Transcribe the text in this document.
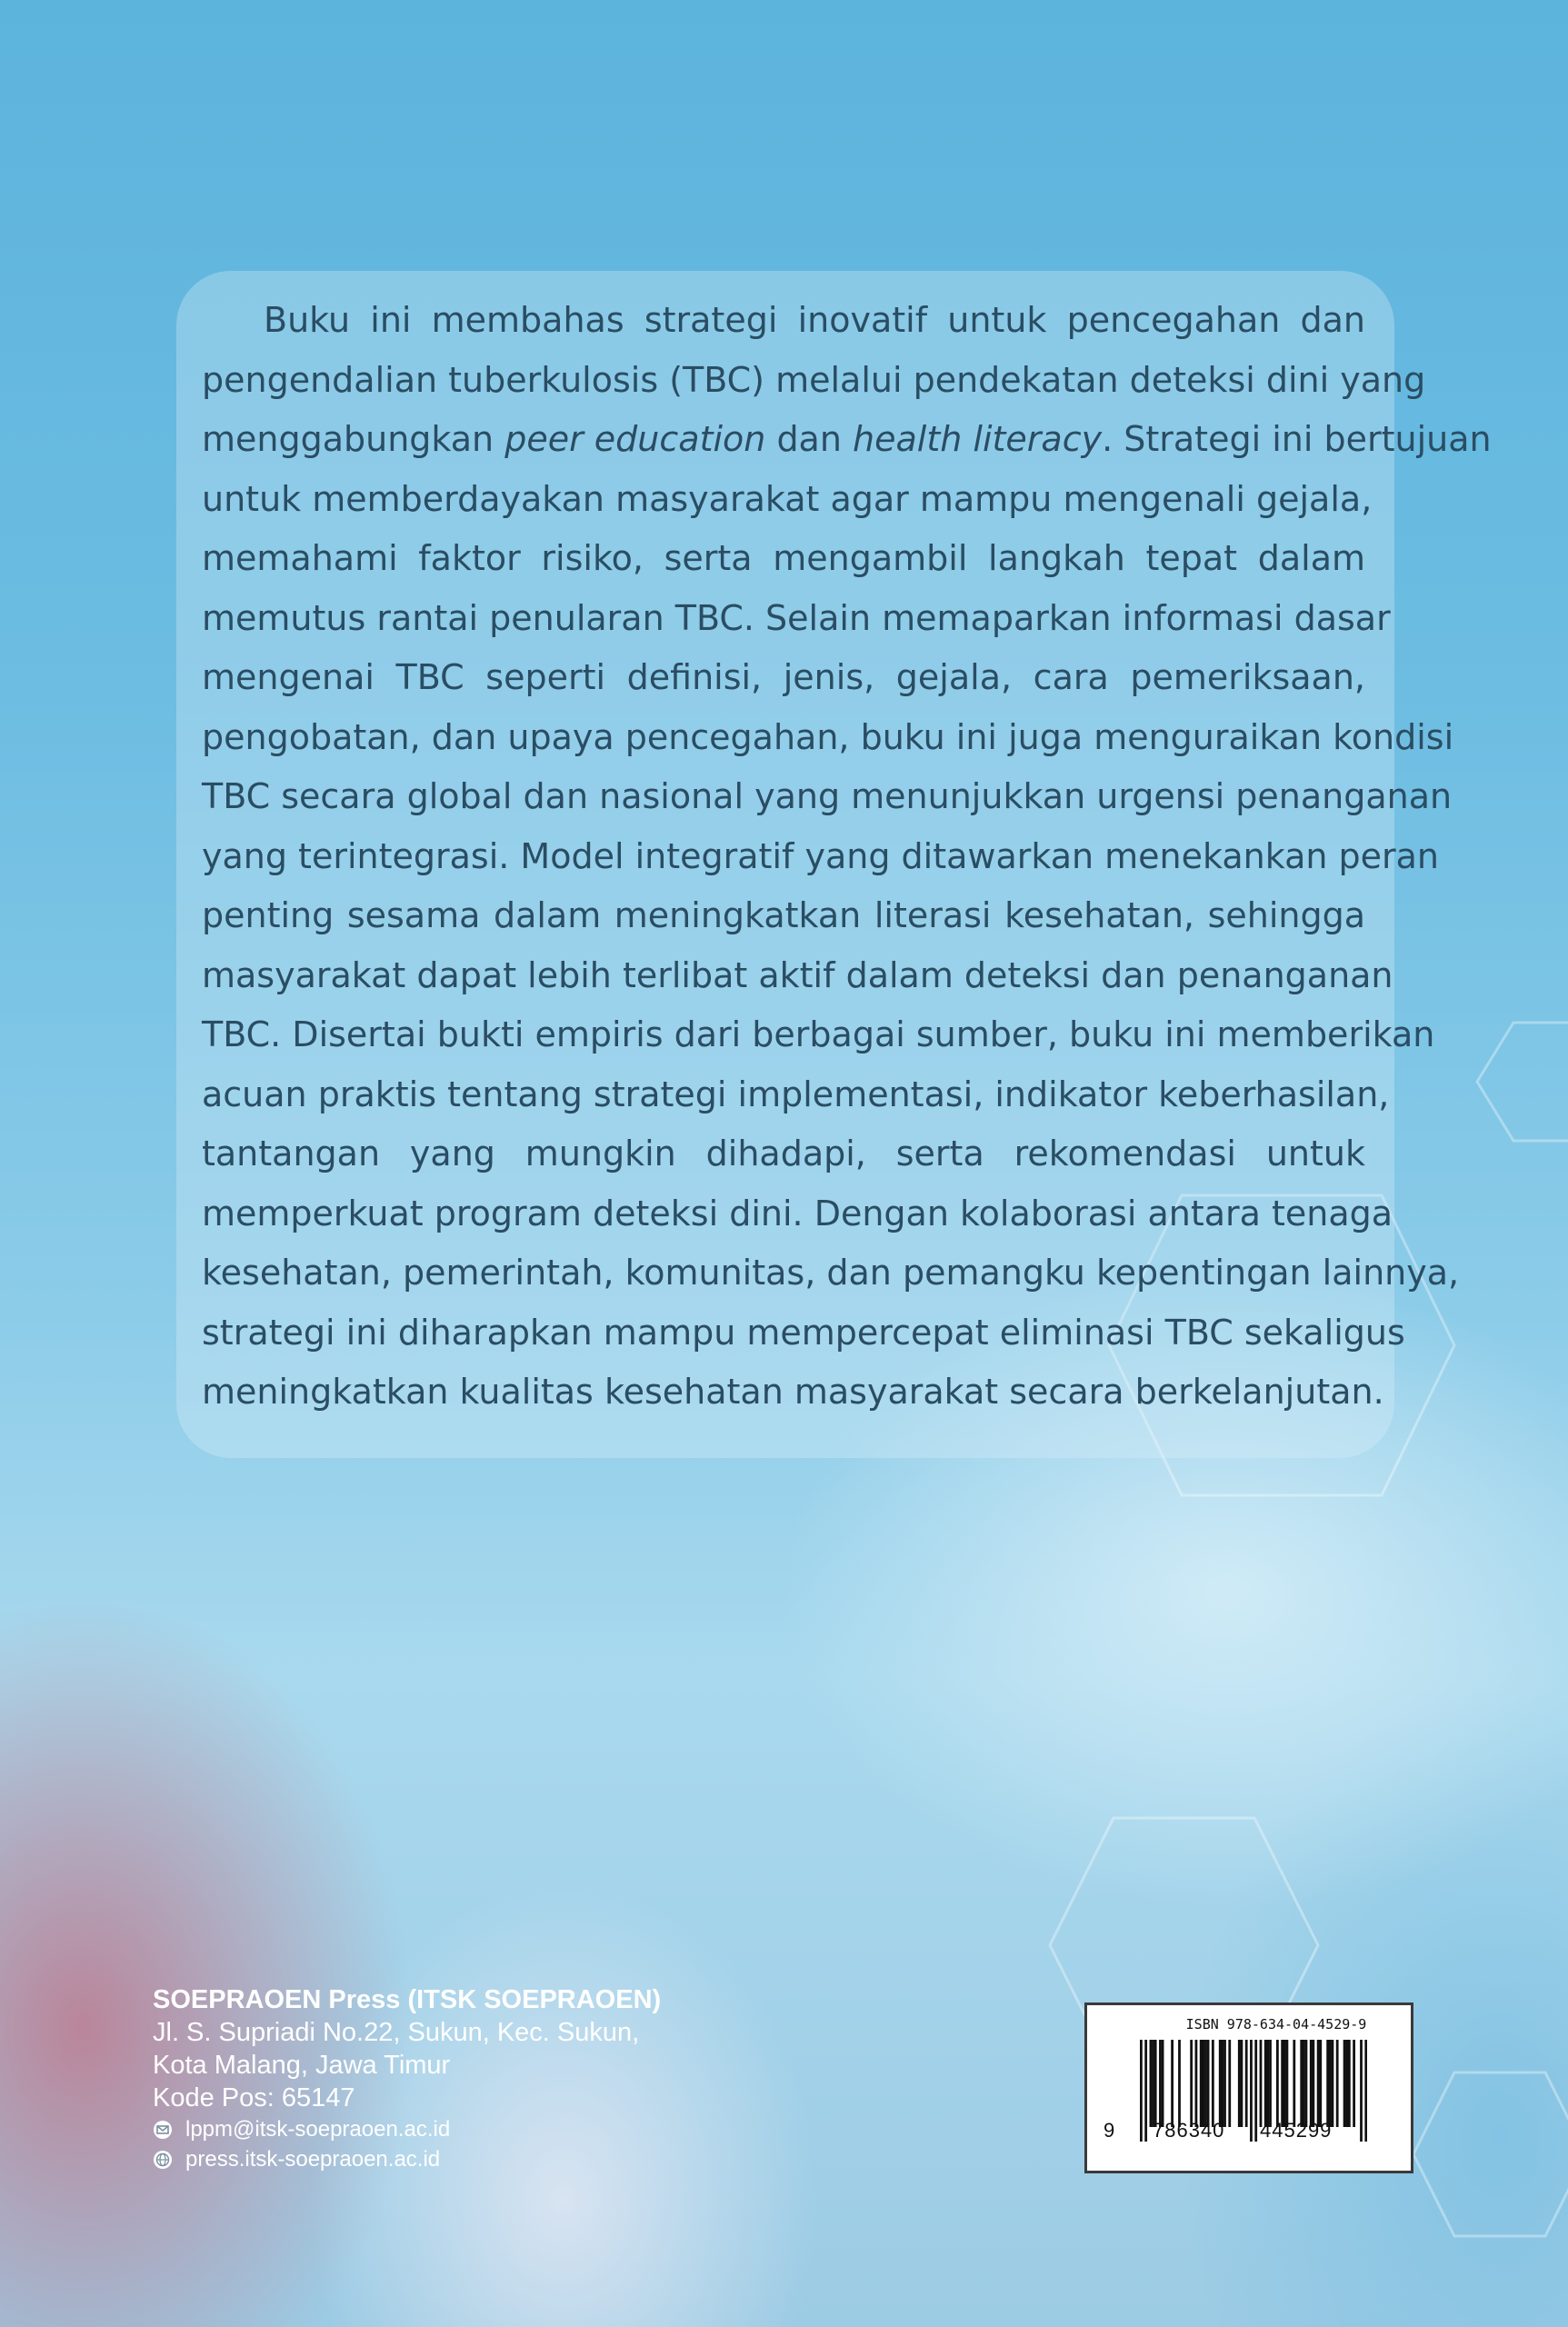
Buku ini membahas strategi inovatif untuk pencegahan dan
pengendalian tuberkulosis (TBC) melalui pendekatan deteksi dini yang
menggabungkan peer education dan health literacy. Strategi ini bertujuan
untuk memberdayakan masyarakat agar mampu mengenali gejala,
memahami faktor risiko, serta mengambil langkah tepat dalam
memutus rantai penularan TBC. Selain memaparkan informasi dasar
mengenai TBC seperti definisi, jenis, gejala, cara pemeriksaan,
pengobatan, dan upaya pencegahan, buku ini juga menguraikan kondisi
TBC secara global dan nasional yang menunjukkan urgensi penanganan
yang terintegrasi. Model integratif yang ditawarkan menekankan peran
penting sesama dalam meningkatkan literasi kesehatan, sehingga
masyarakat dapat lebih terlibat aktif dalam deteksi dan penanganan
TBC. Disertai bukti empiris dari berbagai sumber, buku ini memberikan
acuan praktis tentang strategi implementasi, indikator keberhasilan,
tantangan yang mungkin dihadapi, serta rekomendasi untuk
memperkuat program deteksi dini. Dengan kolaborasi antara tenaga
kesehatan, pemerintah, komunitas, dan pemangku kepentingan lainnya,
strategi ini diharapkan mampu mempercepat eliminasi TBC sekaligus
meningkatkan kualitas kesehatan masyarakat secara berkelanjutan.

SOEPRAOEN Press (ITSK SOEPRAOEN)
Jl. S. Supriadi No.22, Sukun, Kec. Sukun,
Kota Malang, Jawa Timur
Kode Pos: 65147
lppm@itsk-soepraoen.ac.id
press.itsk-soepraoen.ac.id
ISBN 978-634-04-4529-9
9 786340 445299
